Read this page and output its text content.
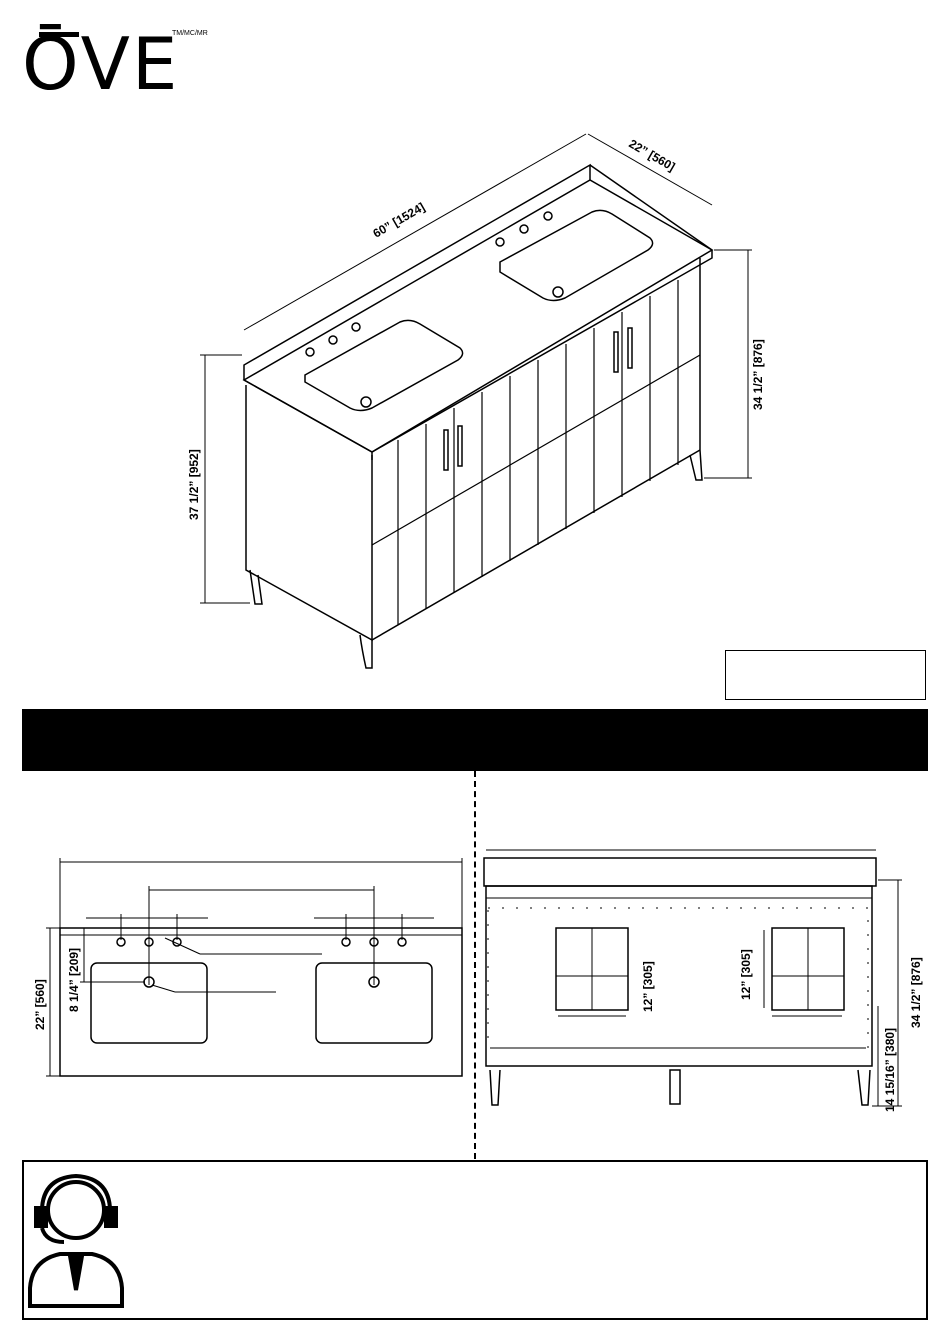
ŌVE
TM/MC/MR
60” [1524]
22” [560]
37 1/2” [952]
34 1/2” [876]
22” [560] 8 1/4” [209]	12” [305]	12” [305]	34 1/2” [876]
14 15/16” [380]
